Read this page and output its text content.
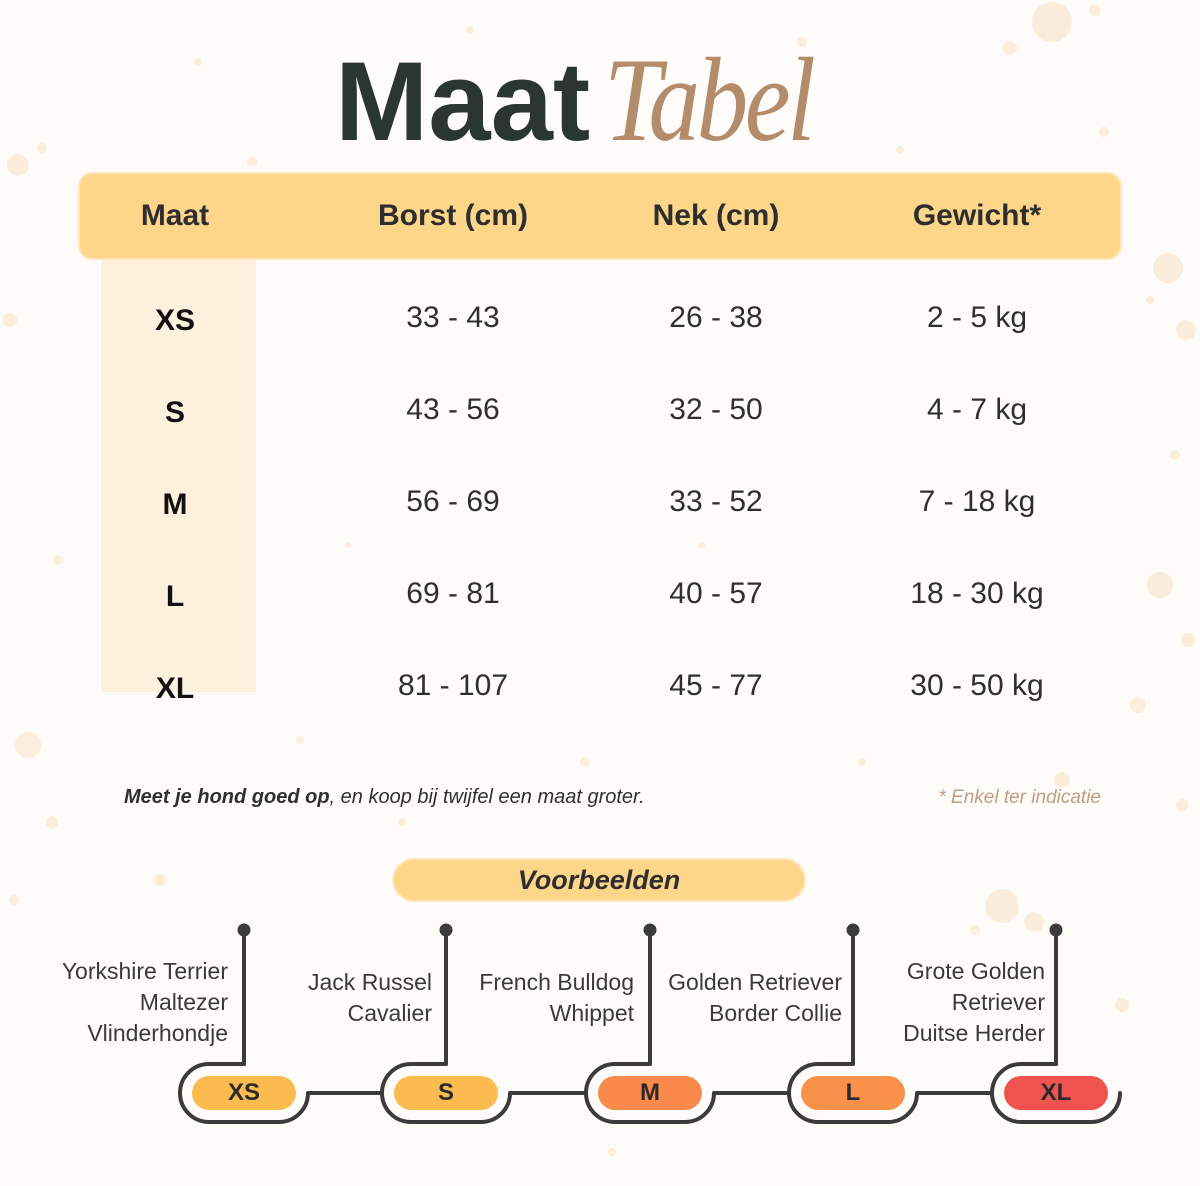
Maat Tabel
Maat	Borst (cm)	Nek (cm)	Gewicht*
XS	33 - 43	26 - 38	2 - 5 kg
S	43 - 56	32 - 50	4 - 7 kg
M	56 - 69	33 - 52	7 - 18 kg
L	69 - 81	40 - 57	18 - 30 kg
XL	81 - 107	45 - 77	30 - 50 kg
Meet je hond goed op, en koop bij twijfel een maat groter.	* Enkel ter indicatie
Voorbeelden
Yorkshire Terrier
Maltezer
Vlinderhondje
Jack Russel
Cavalier
French Bulldog
Whippet
Golden Retriever
Border Collie
Grote Golden
Retriever
Duitse Herder
XS	S	M	L	XL
